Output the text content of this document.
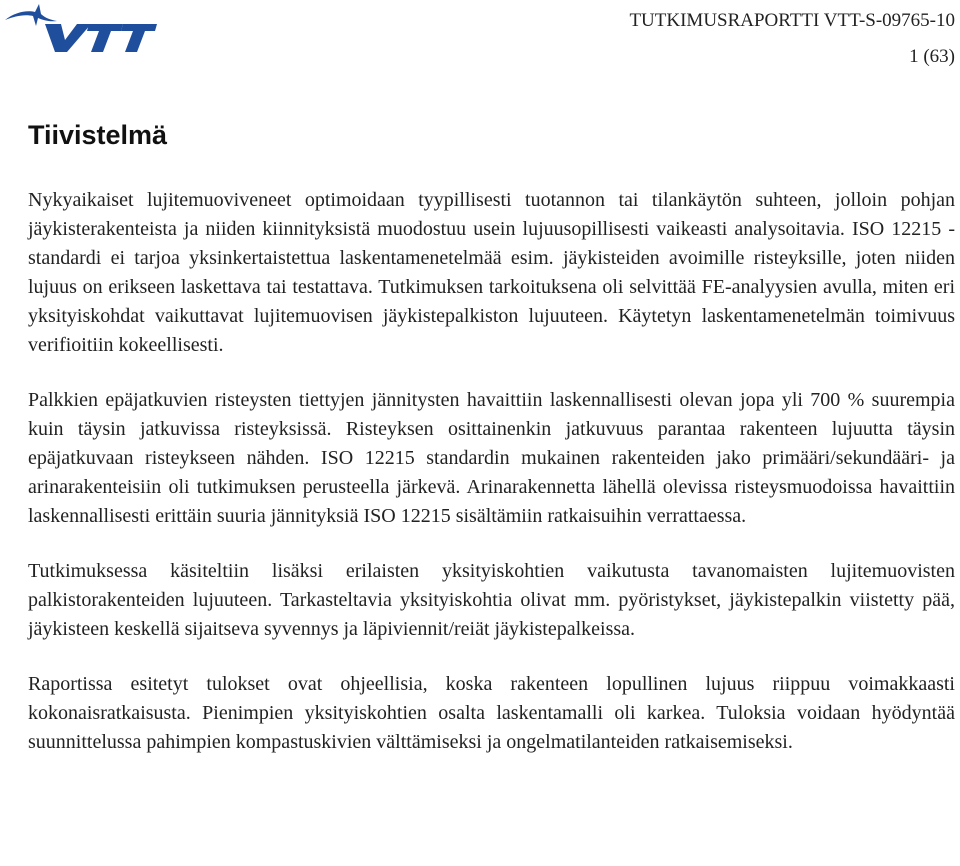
TUTKIMUSRAPORTTI VTT-S-09765-10
1 (63)
Tiivistelmä

Nykyaikaiset lujitemuoviveneet optimoidaan tyypillisesti tuotannon tai tilankäytön suhteen, jolloin pohjan jäykisterakenteista ja niiden kiinnityksistä muodostuu usein lujuusopillisesti vaikeasti analysoitavia. ISO 12215 -standardi ei tarjoa yksinkertaistettua laskentamenetelmää esim. jäykisteiden avoimille risteyksille, joten niiden lujuus on erikseen laskettava tai testattava. Tutkimuksen tarkoituksena oli selvittää FE-analyysien avulla, miten eri yksityiskohdat vaikuttavat lujitemuovisen jäykistepalkiston lujuuteen. Käytetyn laskentamenetelmän toimivuus verifioitiin kokeellisesti.

Palkkien epäjatkuvien risteysten tiettyjen jännitysten havaittiin laskennallisesti olevan jopa yli 700 % suurempia kuin täysin jatkuvissa risteyksissä. Risteyksen osittainenkin jatkuvuus parantaa rakenteen lujuutta täysin epäjatkuvaan risteykseen nähden. ISO 12215 standardin mukainen rakenteiden jako primääri/sekundääri- ja arinarakenteisiin oli tutkimuksen perusteella järkevä. Arinarakennetta lähellä olevissa risteysmuodoissa havaittiin laskennallisesti erittäin suuria jännityksiä ISO 12215 sisältämiin ratkaisuihin verrattaessa.

Tutkimuksessa käsiteltiin lisäksi erilaisten yksityiskohtien vaikutusta tavanomaisten lujitemuovisten palkistorakenteiden lujuuteen. Tarkasteltavia yksityiskohtia olivat mm. pyöristykset, jäykistepalkin viistetty pää, jäykisteen keskellä sijaitseva syvennys ja läpiviennit/reiät jäykistepalkeissa.

Raportissa esitetyt tulokset ovat ohjeellisia, koska rakenteen lopullinen lujuus riippuu voimakkaasti kokonaisratkaisusta. Pienimpien yksityiskohtien osalta laskentamalli oli karkea. Tuloksia voidaan hyödyntää suunnittelussa pahimpien kompastuskivien välttämiseksi ja ongelmatilanteiden ratkaisemiseksi.
